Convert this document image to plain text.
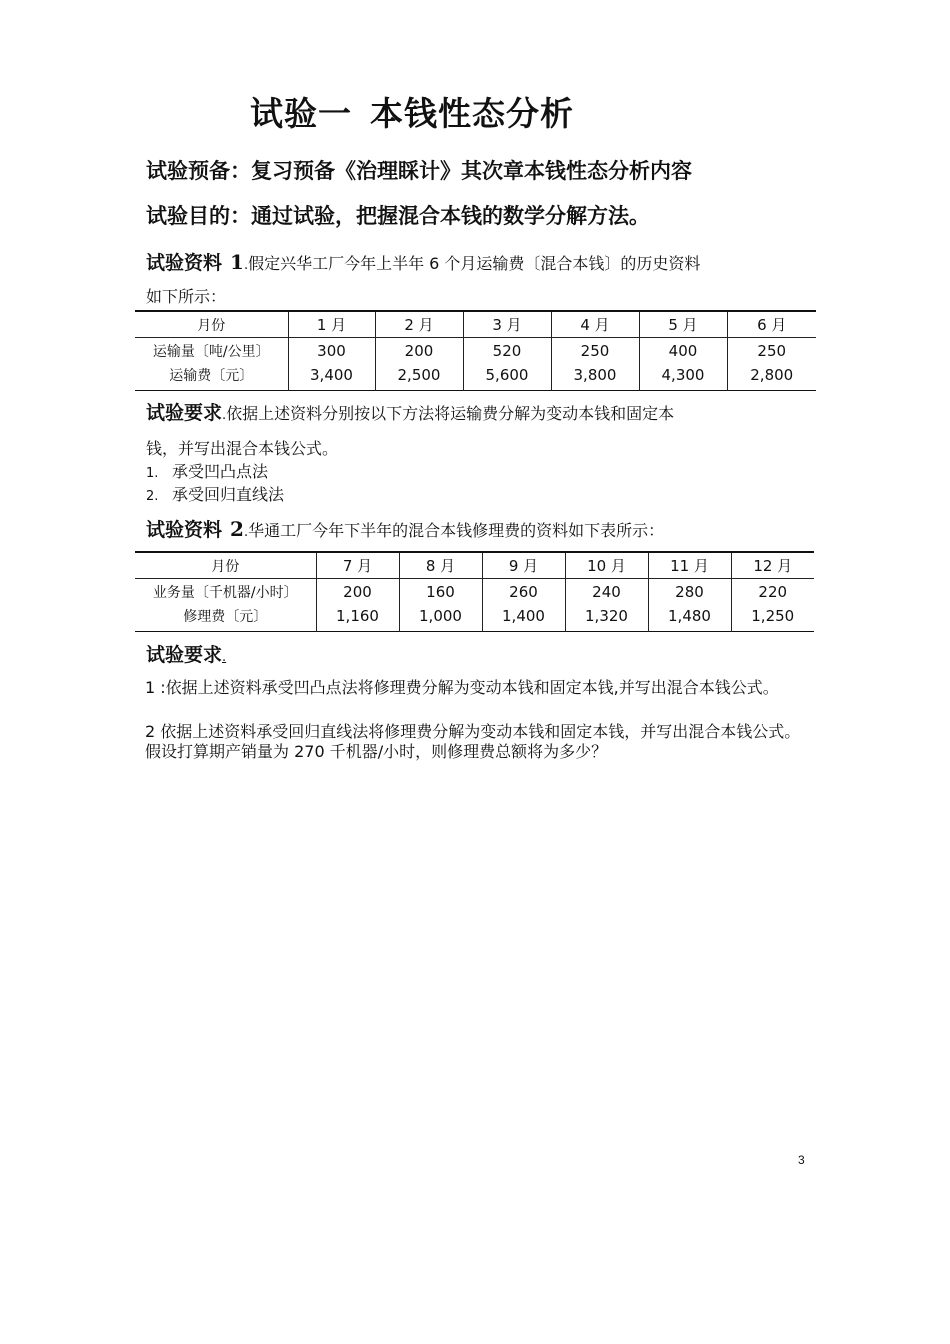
试验一 本钱性态分析
试验预备：复习预备《治理睬计》其次章本钱性态分析内容
试验目的：通过试验，把握混合本钱的数学分解方法。
试验资料 1.假定兴华工厂今年上半年 6 个月运输费〔混合本钱〕的历史资料
如下所示：
月份	1 月	2 月	3 月	4 月	5 月	6 月
运输量〔吨/公里〕	300	200	520	250	400	250
运输费〔元〕	3,400	2,500	5,600	3,800	4,300	2,800
试验要求.依据上述资料分别按以下方法将运输费分解为变动本钱和固定本
钱，并写出混合本钱公式。
1. 承受凹凸点法
2. 承受回归直线法
试验资料 2.华通工厂今年下半年的混合本钱修理费的资料如下表所示：
月份	7 月	8 月	9 月	10 月	11 月	12 月
业务量〔千机器/小时〕	200	160	260	240	280	220
修理费〔元〕	1,160	1,000	1,400	1,320	1,480	1,250
试验要求.
1 :依据上述资料承受凹凸点法将修理费分解为变动本钱和固定本钱,并写出混合本钱公式。
2 依据上述资料承受回归直线法将修理费分解为变动本钱和固定本钱，并写出混合本钱公式。假设打算期产销量为 270 千机器/小时，则修理费总额将为多少？
3
